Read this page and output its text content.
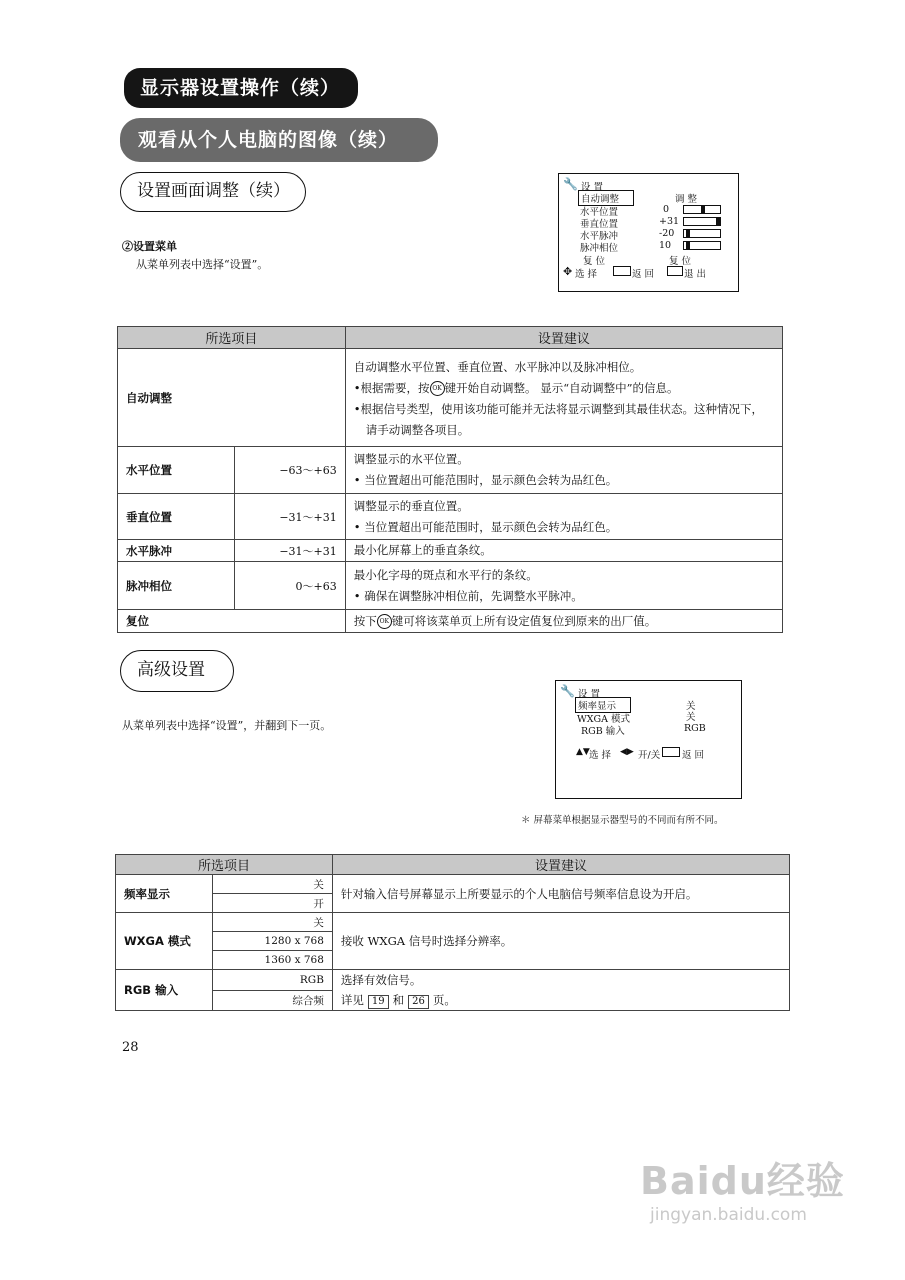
显示器设置操作（续）
观看从个人电脑的图像（续）
设置画面调整（续）
②设置菜单
从菜单列表中选择“设置”。
🔧 设 置
调 整
自动调整
水平位置	0
垂直位置	+31
水平脉冲	-20
脉冲相位	10
复 位	复 位
✥ 选 择	返 回	退 出
所选项目		设置建议
自动调整		自动调整水平位置、垂直位置、水平脉冲以及脉冲相位。
•根据需要，按 OK 键开始自动调整。 显示“自动调整中”的信息。
•根据信号类型，使用该功能可能并无法将显示调整到其最佳状态。这种情况下，
请手动调整各项目。

水平位置	−63～+63	调整显示的水平位置。
• 当位置超出可能范围时，显示颜色会转为品红色。

垂直位置	−31～+31	调整显示的垂直位置。
• 当位置超出可能范围时，显示颜色会转为品红色。

水平脉冲	−31～+31	最小化屏幕上的垂直条纹。

脉冲相位	0～+63	最小化字母的斑点和水平行的条纹。
• 确保在调整脉冲相位前，先调整水平脉冲。

复位		按下 OK 键可将该菜单页上所有设定值复位到原来的出厂值。
高级设置
从菜单列表中选择“设置”，并翻到下一页。
🔧 设 置
频率显示	关
WXGA 模式	关
RGB 输入	RGB
▲▼ 选 择 ◀▶ 开/关 返 回
＊ 屏幕菜单根据显示器型号的不同而有所不同。
所选项目		设置建议
频率显示	关	针对输入信号屏幕显示上所要显示的个人电脑信号频率信息设为开启。
	开	
WXGA 模式	关	接收 WXGA 信号时选择分辨率。
	1280 x 768	
	1360 x 768	
RGB 输入	RGB	选择有效信号。
详见 19 和 26 页。

	综合频	
28
Baidu经验
jingyan.baidu.com
